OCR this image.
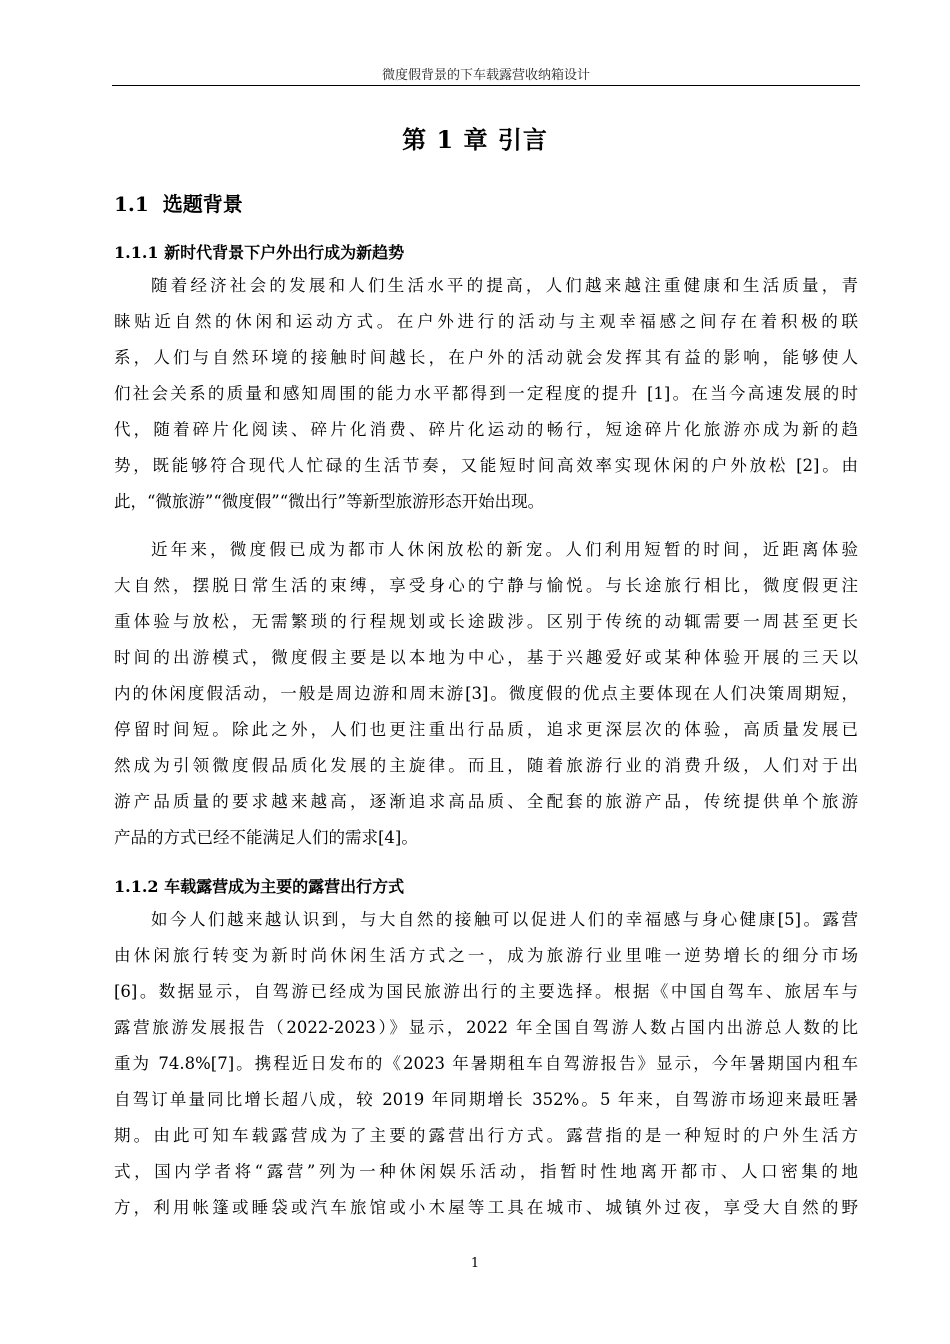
微度假背景的下车载露营收纳箱设计
第 1 章 引言
1.1 选题背景
1.1.1 新时代背景下户外出行成为新趋势
随着经济社会的发展和人们生活水平的提高，人们越来越注重健康和生活质量，青
睐贴近自然的休闲和运动方式。在户外进行的活动与主观幸福感之间存在着积极的联
系，人们与自然环境的接触时间越长，在户外的活动就会发挥其有益的影响，能够使人
们社会关系的质量和感知周围的能力水平都得到一定程度的提升 [1]。在当今高速发展的时
代，随着碎片化阅读、碎片化消费、碎片化运动的畅行，短途碎片化旅游亦成为新的趋
势，既能够符合现代人忙碌的生活节奏，又能短时间高效率实现休闲的户外放松 [2]。由
此，“微旅游”“微度假”“微出行”等新型旅游形态开始出现。
近年来，微度假已成为都市人休闲放松的新宠。人们利用短暂的时间，近距离体验
大自然，摆脱日常生活的束缚，享受身心的宁静与愉悦。与长途旅行相比，微度假更注
重体验与放松，无需繁琐的行程规划或长途跋涉。区别于传统的动辄需要一周甚至更长
时间的出游模式，微度假主要是以本地为中心，基于兴趣爱好或某种体验开展的三天以
内的休闲度假活动，一般是周边游和周末游[3]。微度假的优点主要体现在人们决策周期短，
停留时间短。除此之外，人们也更注重出行品质，追求更深层次的体验，高质量发展已
然成为引领微度假品质化发展的主旋律。而且，随着旅游行业的消费升级，人们对于出
游产品质量的要求越来越高，逐渐追求高品质、全配套的旅游产品，传统提供单个旅游
产品的方式已经不能满足人们的需求[4]。
1.1.2 车载露营成为主要的露营出行方式
如今人们越来越认识到，与大自然的接触可以促进人们的幸福感与身心健康[5]。露营
由休闲旅行转变为新时尚休闲生活方式之一，成为旅游行业里唯一逆势增长的细分市场
[6]。数据显示，自驾游已经成为国民旅游出行的主要选择。根据《中国自驾车、旅居车与
露营旅游发展报告（2022-2023）》显示，2022 年全国自驾游人数占国内出游总人数的比
重为 74.8%[7]。携程近日发布的《2023 年暑期租车自驾游报告》显示，今年暑期国内租车
自驾订单量同比增长超八成，较 2019 年同期增长 352%。5 年来，自驾游市场迎来最旺暑
期。由此可知车载露营成为了主要的露营出行方式。露营指的是一种短时的户外生活方
式，国内学者将“露营”列为一种休闲娱乐活动，指暂时性地离开都市、人口密集的地
方，利用帐篷或睡袋或汽车旅馆或小木屋等工具在城市、城镇外过夜，享受大自然的野
1
